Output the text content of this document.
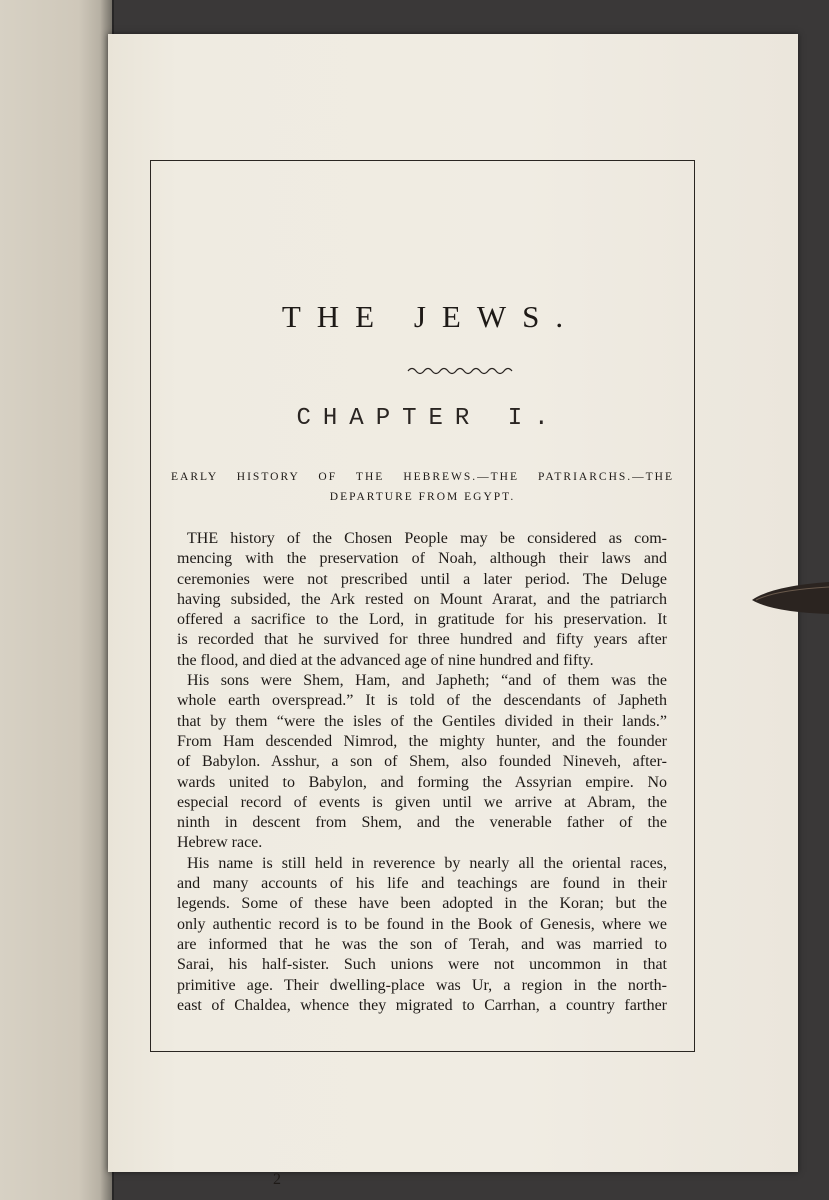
THE JEWS.
CHAPTER I.
EARLY HISTORY OF THE HEBREWS.—THE PATRIARCHS.—THE
DEPARTURE FROM EGYPT.

THE history of the Chosen People may be considered as com-
mencing with the preservation of Noah, although their laws and
ceremonies were not prescribed until a later period. The Deluge
having subsided, the Ark rested on Mount Ararat, and the patriarch
offered a sacrifice to the Lord, in gratitude for his preservation. It
is recorded that he survived for three hundred and fifty years after
the flood, and died at the advanced age of nine hundred and fifty.

His sons were Shem, Ham, and Japheth; “and of them was the
whole earth overspread.” It is told of the descendants of Japheth
that by them “were the isles of the Gentiles divided in their lands.”
From Ham descended Nimrod, the mighty hunter, and the founder
of Babylon. Asshur, a son of Shem, also founded Nineveh, after-
wards united to Babylon, and forming the Assyrian empire. No
especial record of events is given until we arrive at Abram, the
ninth in descent from Shem, and the venerable father of the
Hebrew race.

His name is still held in reverence by nearly all the oriental races,
and many accounts of his life and teachings are found in their
legends. Some of these have been adopted in the Koran; but the
only authentic record is to be found in the Book of Genesis, where we
are informed that he was the son of Terah, and was married to
Sarai, his half-sister. Such unions were not uncommon in that
primitive age. Their dwelling-place was Ur, a region in the north-
east of Chaldea, whence they migrated to Carrhan, a country farther

2
